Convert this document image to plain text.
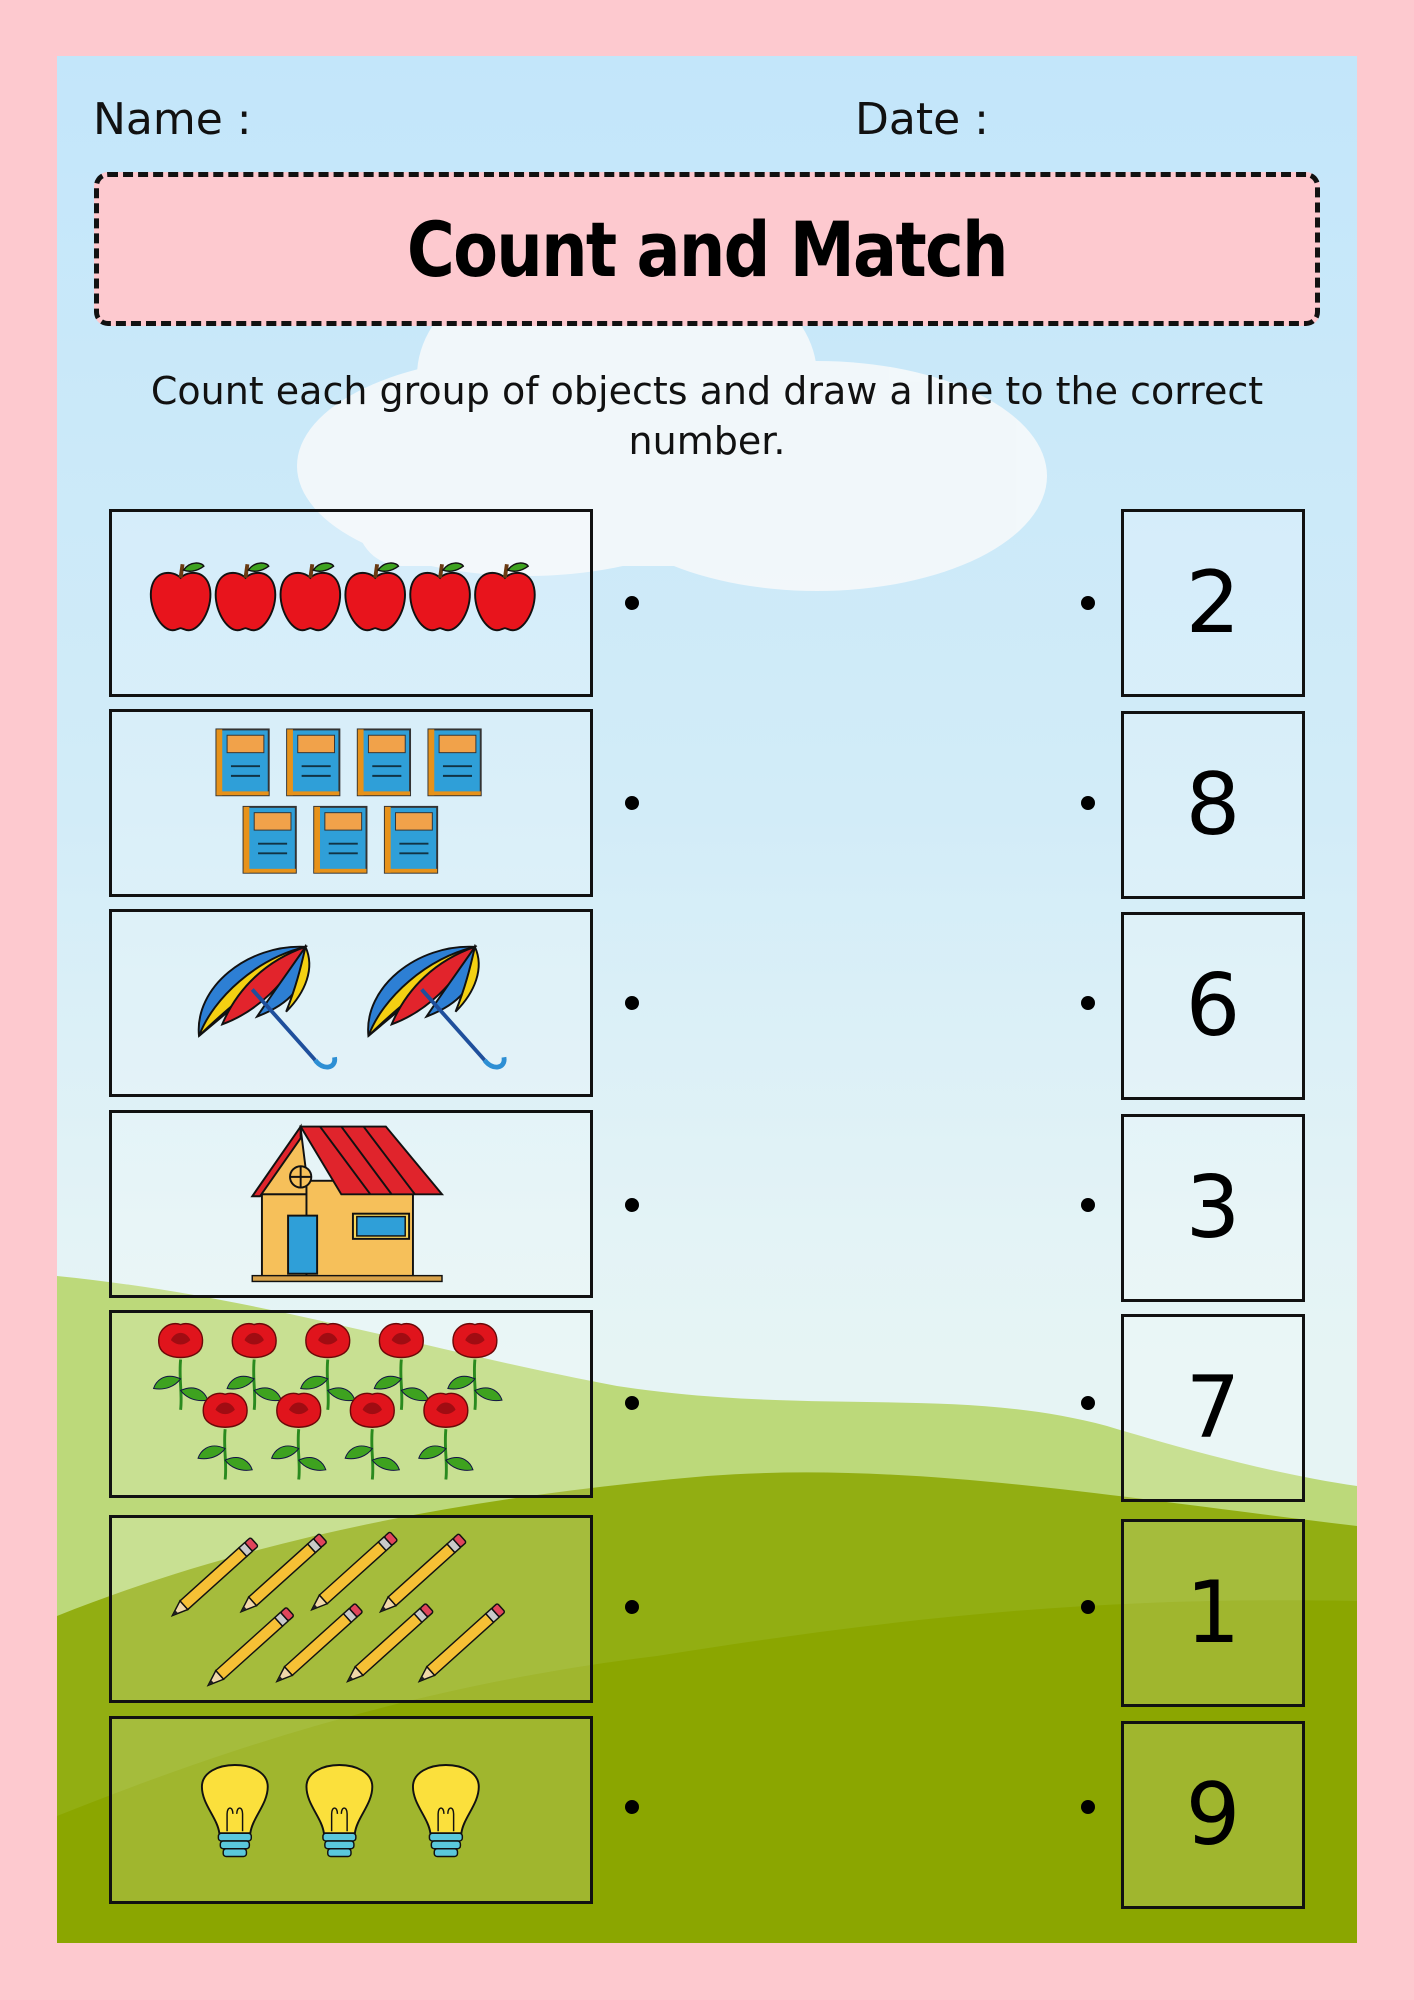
Name :	Date :
Count and Match
Count each group of objects and draw a line to the correct number.
2
8
6
3
7
1
9
